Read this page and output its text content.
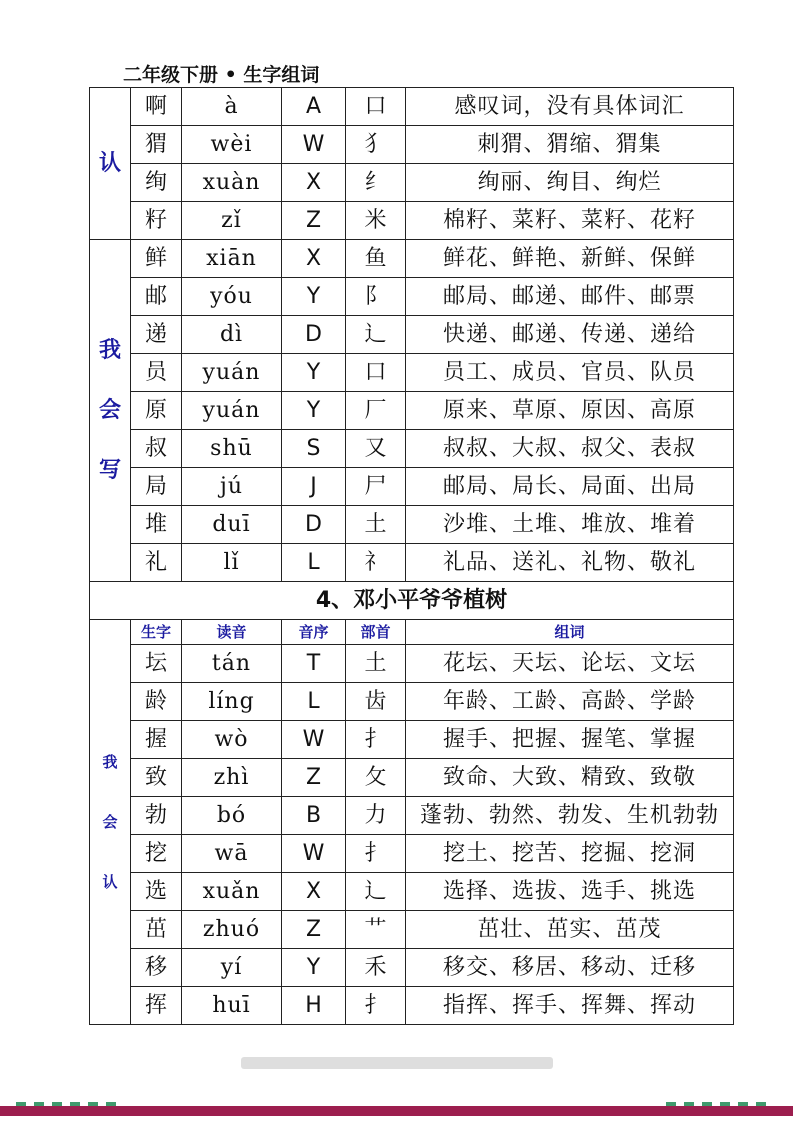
二年级下册 • 生字组词
认	啊	à	A	口	感叹词，没有具体词汇
	猬	wèi	W	犭	刺猬、猬缩、猬集
	绚	xuàn	X	纟	绚丽、绚目、绚烂
	籽	zǐ	Z	米	棉籽、菜籽、菜籽、花籽

我
会
写	鲜	xiān	X	鱼	鲜花、鲜艳、新鲜、保鲜
	邮	yóu	Y	阝	邮局、邮递、邮件、邮票
	递	dì	D	辶	快递、邮递、传递、递给
	员	yuán	Y	口	员工、成员、官员、队员
	原	yuán	Y	厂	原来、草原、原因、高原
	叔	shū	S	又	叔叔、大叔、叔父、表叔
	局	jú	J	尸	邮局、局长、局面、出局
	堆	duī	D	土	沙堆、土堆、堆放、堆着
	礼	lǐ	L	礻	礼品、送礼、礼物、敬礼
4、邓小平爷爷植树					

我
会
认	生字	读音	音序	部首	组词
	坛	tán	T	土	花坛、天坛、论坛、文坛
	龄	líng	L	齿	年龄、工龄、高龄、学龄
	握	wò	W	扌	握手、把握、握笔、掌握
	致	zhì	Z	攵	致命、大致、精致、致敬
	勃	bó	B	力	蓬勃、勃然、勃发、生机勃勃
	挖	wā	W	扌	挖土、挖苦、挖掘、挖洞
	选	xuǎn	X	辶	选择、选拔、选手、挑选
	茁	zhuó	Z	艹	茁壮、茁实、茁茂
	移	yí	Y	禾	移交、移居、移动、迁移
	挥	huī	H	扌	指挥、挥手、挥舞、挥动
